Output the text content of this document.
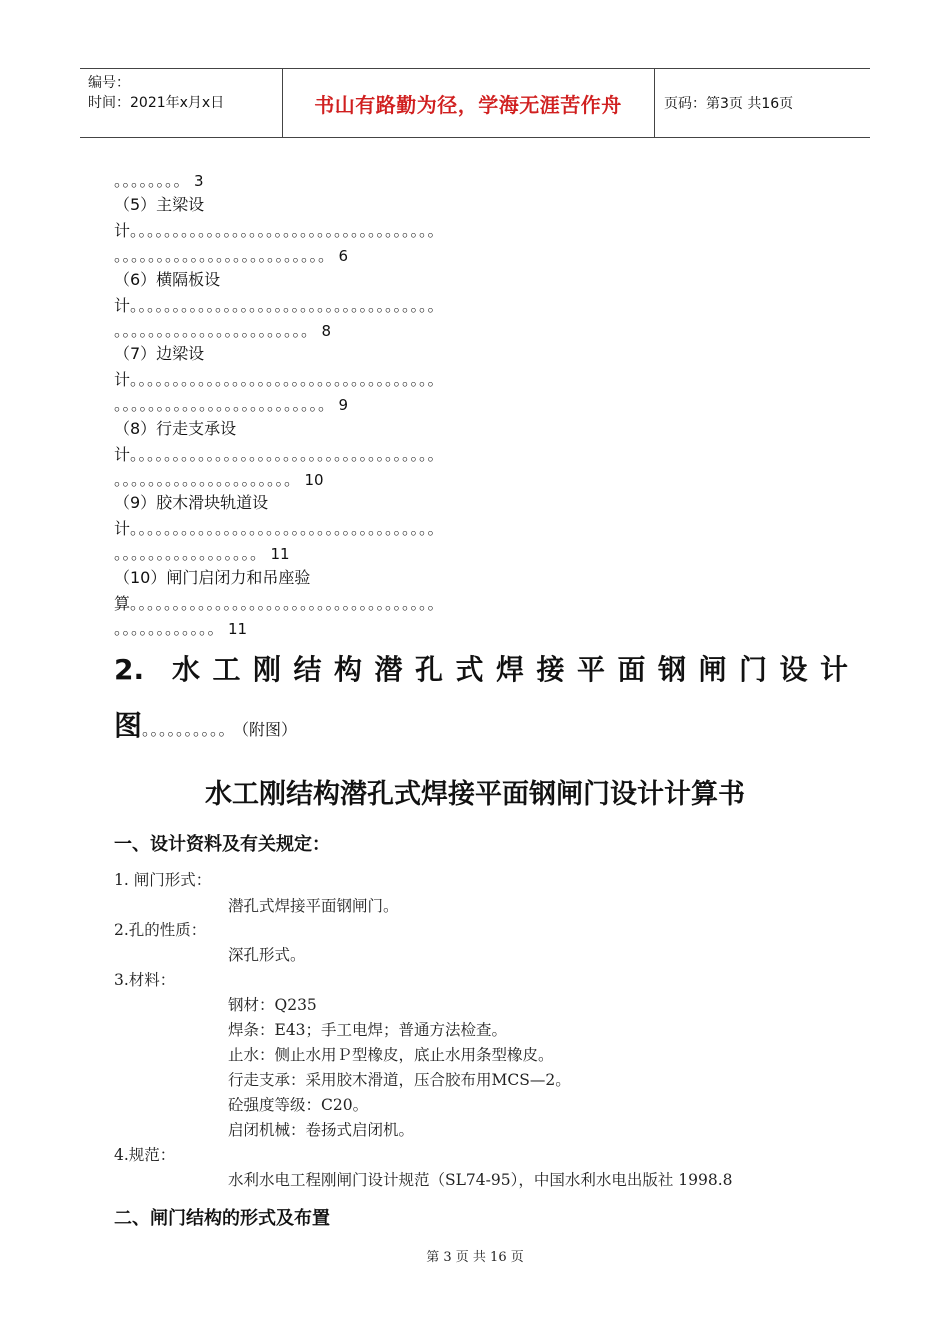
编号：
时间：2021年x月x日	书山有路勤为径，学海无涯苦作舟	页码：第3页 共16页
。。。。。。。。 3
（5）主梁设
计。。。。。。。。。。。。。。。。。。。。。。。。。。。。。。。。。。。。
。。。。。。。。。。。。。。。。。。。。。。。。。 6
（6）横隔板设
计。。。。。。。。。。。。。。。。。。。。。。。。。。。。。。。。。。。。
。。。。。。。。。。。。。。。。。。。。。。。 8
（7）边梁设
计。。。。。。。。。。。。。。。。。。。。。。。。。。。。。。。。。。。。
。。。。。。。。。。。。。。。。。。。。。。。。。 9
（8）行走支承设
计。。。。。。。。。。。。。。。。。。。。。。。。。。。。。。。。。。。。
。。。。。。。。。。。。。。。。。。。。。 10
（9）胶木滑块轨道设
计。。。。。。。。。。。。。。。。。。。。。。。。。。。。。。。。。。。。
。。。。。。。。。。。。。。。。。 11
（10）闸门启闭力和吊座验
算。。。。。。。。。。。。。。。。。。。。。。。。。。。。。。。。。。。。
。。。。。。。。。。。。 11
2. 水工刚结构潜孔式焊接平面钢闸门设计
图。。。。。。。。。。 （附图）
水工刚结构潜孔式焊接平面钢闸门设计计算书
一、设计资料及有关规定：
1. 闸门形式：
潜孔式焊接平面钢闸门。
2.孔的性质：
深孔形式。
3.材料：
钢材：Q235
焊条：E43；手工电焊；普通方法检查。
止水：侧止水用Ｐ型橡皮，底止水用条型橡皮。
行走支承：采用胶木滑道，压合胶布用MCS—2。
砼强度等级：C20。
启闭机械：卷扬式启闭机。
4.规范：
水利水电工程刚闸门设计规范（SL74-95），中国水利水电出版社 1998.8
二、闸门结构的形式及布置
第 3 页 共 16 页
